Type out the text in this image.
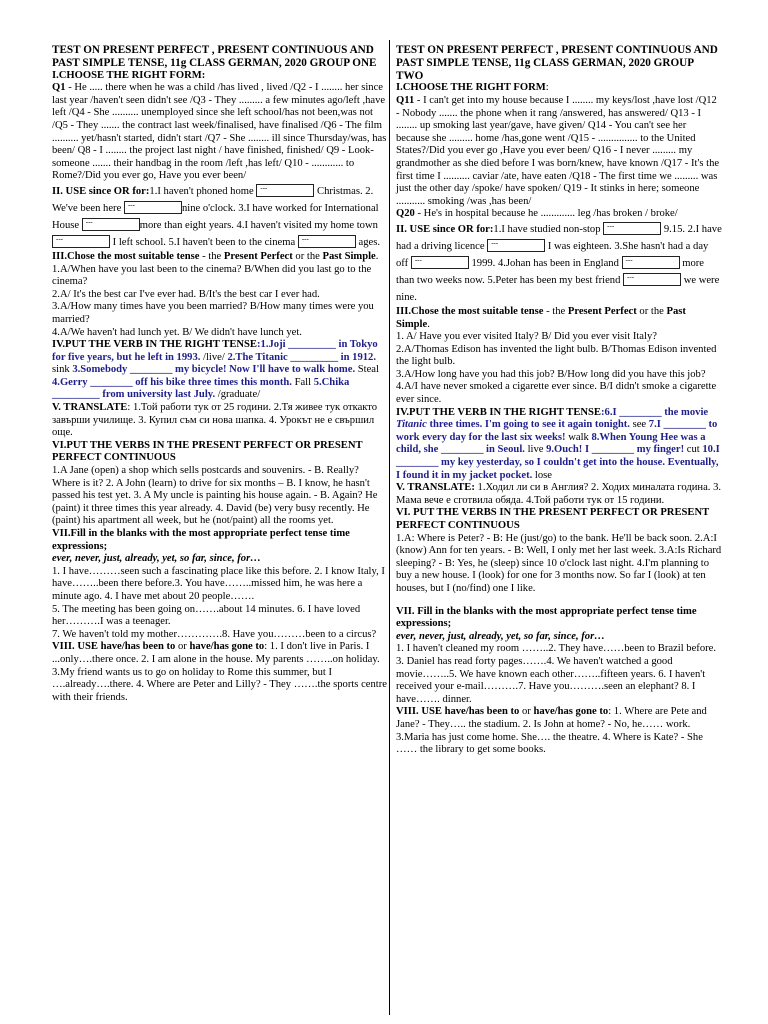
TEST ON PRESENT PERFECT , PRESENT CONTINUOUS AND PAST SIMPLE TENSE, 11g CLASS GERMAN, 2020 GROUP ONE
I.CHOOSE THE RIGHT FORM:
Q1 - He ..... there when he was a child /has lived , lived /Q2 - I ........ her since last year /haven't seen didn't see /Q3 - They ......... a few minutes ago/left ,have left /Q4 - She .......... unemployed since she left school/has not been,was not /Q5 - They ....... the contract last week/finalised, have finalised /Q6 - The film .......... yet/hasn't started, didn't start /Q7 - She ........ ill since Thursday/was, has been/ Q8 - I ........ the project last night / have finished, finished/ Q9 - Look- someone ....... their handbag in the room /left ,has left/ Q10 - ............ to Rome?/Did you ever go, Have you ever been/
II. USE since OR for:1.I haven't phoned home ---	Christmas. 2. We've been here ---	nine o'clock. 3.I have worked for International House ---	more than eight years. 4.I haven't visited my home town ---	I left school. 5.I haven't been to the cinema ---	ages.
III.Chose the most suitable tense - the Present Perfect or the Past Simple.
1.A/When have you last been to the cinema? B/When did you last go to the cinema?
2.A/ It's the best car I've ever had. B/It's the best car I ever had.
3.A/How many times have you been married? B/How many times were you married?
4.A/We haven't had lunch yet. B/ We didn't have lunch yet.
IV.PUT THE VERB IN THE RIGHT TENSE:1.Joji _________ in Tokyo for five years, but he left in 1993. /live/ 2.The Titanic _________ in 1912. sink 3.Somebody ________ my bicycle! Now I'll have to walk home. Steal 4.Gerry ________ off his bike three times this month. Fall 5.Chika _________ from university last July. /graduate/
V. TRANSLATE: 1.Той работи тук от 25 години. 2.Тя живее тук откакто завърши училище. 3. Купил съм си нова шапка. 4. Урокът не е свършил още.
VI.PUT THE VERBS IN THE PRESENT PERFECT OR PRESENT PERFECT CONTINUOUS
1.A Jane (open) a shop which sells postcards and souvenirs. - B. Really? Where is it? 2. A John (learn) to drive for six months – B. I know, he hasn't passed his test yet. 3. A My uncle is painting his house again. - B. Again? He (paint) it three times this year already. 4. David (be) very busy recently. He (paint) his apartment all week, but he (not/paint) all the rooms yet.
VII.Fill in the blanks with the most appropriate perfect tense time expressions;
ever, never, just, already, yet, so far, since, for…
1. I have………seen such a fascinating place like this before. 2. I know Italy, I have……..been there before.3. You have……..missed him, he was here a minute ago. 4. I have met about 20 people…….
5. The meeting has been going on…….about 14 minutes. 6. I have loved her……….I was a teenager.
7. We haven't told my mother………….8. Have you………been to a circus?
VIII. USE have/has been to or have/has gone to: 1. I don't live in Paris. I ...only….there once. 2. I am alone in the house. My parents ……..on holiday. 3.My friend wants us to go on holiday to Rome this summer, but I ….already….there. 4. Where are Peter and Lilly? - They …….the sports centre with their friends.
TEST ON PRESENT PERFECT , PRESENT CONTINUOUS AND PAST SIMPLE TENSE, 11g CLASS GERMAN, 2020 GROUP TWO
I.CHOOSE THE RIGHT FORM:
Q11 - I can't get into my house because I ........ my keys/lost ,have lost /Q12 - Nobody ....... the phone when it rang /answered, has answered/ Q13 - I ........ up smoking last year/gave, have given/ Q14 - You can't see her because she ......... home /has,gone went /Q15 - ............... to the United States?/Did you ever go ,Have you ever been/ Q16 - I never ......... my grandmother as she died before I was born/knew, have known /Q17 - It's the first time I .......... caviar /ate, have eaten /Q18 - The first time we ......... was just the other day /spoke/ have spoken/ Q19 - It stinks in here; someone ........... smoking /was ,has been/
Q20 - He's in hospital because he ............. leg /has broken / broke/
II. USE since OR for:1.I have studied non-stop ---	9.15. 2.I have had a driving licence ---	I was eighteen. 3.She hasn't had a day off ---	1999. 4.Johan has been in England ---	more than two weeks now. 5.Peter has been my best friend ---	we were nine.
III.Chose the most suitable tense - the Present Perfect or the Past Simple.
1. A/ Have you ever visited Italy? B/ Did you ever visit Italy?
2.A/Thomas Edison has invented the light bulb. B/Thomas Edison invented the light bulb.
3.A/How long have you had this job? B/How long did you have this job?
4.A/I have never smoked a cigarette ever since. B/I didn't smoke a cigarette ever since.
IV.PUT THE VERB IN THE RIGHT TENSE:6.I ________ the movie Titanic three times. I'm going to see it again tonight. see 7.I ________ to work every day for the last six weeks! walk 8.When Young Hee was a child, she ________ in Seoul. live 9.Ouch! I ________ my finger! cut 10.I ________ my key yesterday, so I couldn't get into the house. Eventually, I found it in my jacket pocket. lose
V. TRANSLATE: 1.Ходил ли си в Англия? 2. Ходих миналата година. 3. Мама вече е сготвила обяда. 4.Той работи тук от 15 години.
VI. PUT THE VERBS IN THE PRESENT PERFECT OR PRESENT PERFECT CONTINUOUS
1.A: Where is Peter? - B: He (just/go) to the bank. He'll be back soon. 2.A:I (know) Ann for ten years. - B: Well, I only met her last week. 3.A:Is Richard sleeping? - B: Yes, he (sleep) since 10 o'clock last night. 4.I'm planning to buy a new house. I (look) for one for 3 months now. So far I (look) at ten houses, but I (no/find) one I like.
VII. Fill in the blanks with the most appropriate perfect tense time expressions;
ever, never, just, already, yet, so far, since, for…
1. I haven't cleaned my room ……..2. They have……been to Brazil before. 3. Daniel has read forty pages…….4. We haven't watched a good movie……..5. We have known each other……..fifteen years. 6. I haven't received your e-mail……….7. Have you……….seen an elephant? 8. I have……. dinner.
VIII. USE have/has been to or have/has gone to: 1. Where are Pete and Jane? - They….. the stadium. 2. Is John at home? - No, he…… work. 3.Maria has just come home. She…. the theatre. 4. Where is Kate? - She …… the library to get some books.
